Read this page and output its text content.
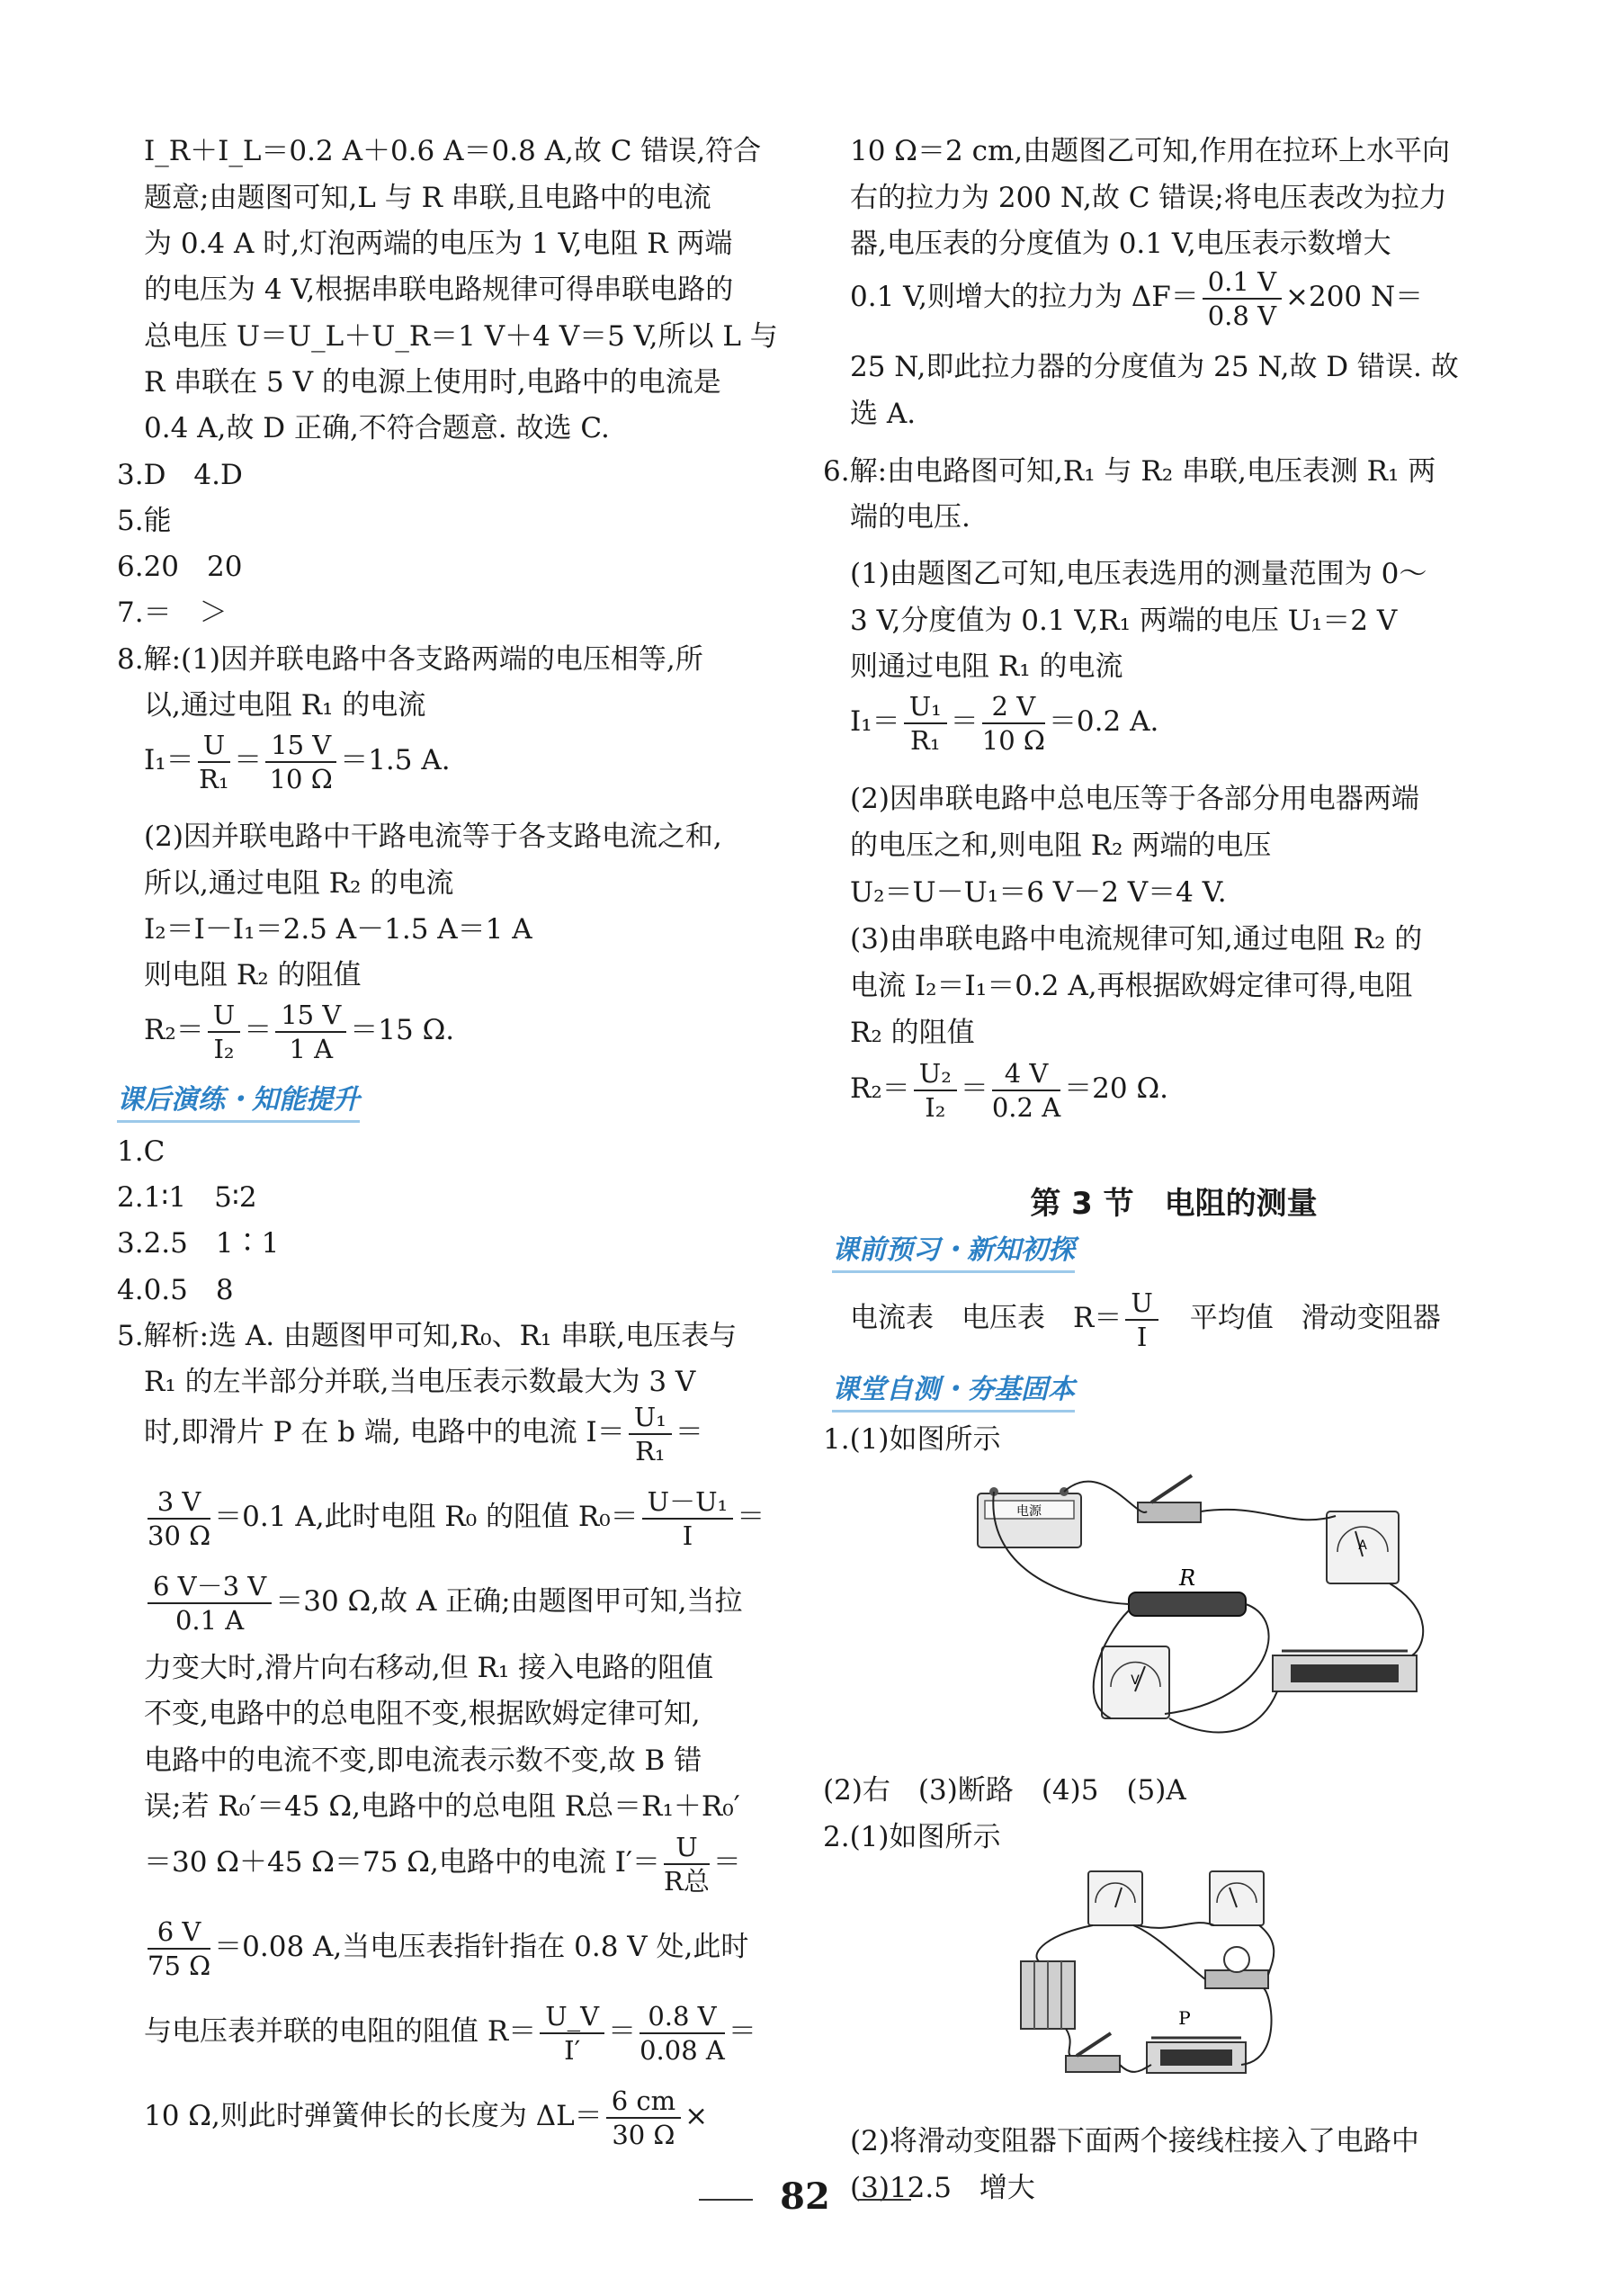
I_R＋I_L＝0.2 A＋0.6 A＝0.8 A,故 C 错误,符合
题意;由题图可知,L 与 R 串联,且电路中的电流
为 0.4 A 时,灯泡两端的电压为 1 V,电阻 R 两端
的电压为 4 V,根据串联电路规律可得串联电路的
总电压 U＝U_L＋U_R＝1 V＋4 V＝5 V,所以 L 与
R 串联在 5 V 的电源上使用时,电路中的电流是
0.4 A,故 D 正确,不符合题意. 故选 C.
3.D　4.D
5.能
6.20　20
7.＝　＞
8.解:(1)因并联电路中各支路两端的电压相等,所
以,通过电阻 R₁ 的电流
$I_1= \frac{U}{\text{R₁}} = \frac{15 V}{10 \Omega} =1.5$ A.
(2)因并联电路中干路电流等于各支路电流之和,
所以,通过电阻 R₂ 的电流
I₂＝I－I₁＝2.5 A－1.5 A＝1 A
则电阻 R₂ 的阻值
$R_2= \frac{U}{\text{I₂}} = \frac{15 V}{1 A} =15$ Ω.
课后演练・知能提升
1.C
2.1∶1　5∶2
3.2.5　1∶1
4.0.5　8
5.解析:选 A. 由题图甲可知,R₀、R₁ 串联,电压表与
R₁ 的左半部分并联,当电压表示数最大为 3 V
时,即滑片 P 在 b 端, 电路中的电流 $I= \frac{\text{U₁}}{\text{R₁}}$ ＝
$\frac{3 V}{30 \Omega} =0.1$ A,此时电阻 R₀ 的阻值 $R_0= \frac{\text{U－U₁}}{I}$ ＝
$\frac{6 V-3 V}{0.1 A} =30$ Ω,故 A 正确;由题图甲可知,当拉
力变大时,滑片向右移动,但 R₁ 接入电路的阻值
不变,电路中的总电阻不变,根据欧姆定律可知,
电路中的电流不变,即电流表示数不变,故 B 错
误;若 R₀′＝45 Ω,电路中的总电阻 R总＝R₁＋R₀′
＝30 Ω＋45 Ω＝75 Ω,电路中的电流 $I'= \frac{U}{\text{R总}}$ ＝
$\frac{6 V}{75 \Omega} =0.08$ A,当电压表指针指在 0.8 V 处,此时
与电压表并联的电阻的阻值 $R= \frac{U\_V}{I'} = \frac{0.8 V}{0.08 A}$ ＝
10 Ω,则此时弹簧伸长的长度为 $\Delta L= \frac{6 cm}{30 \Omega}$ ×
10 Ω＝2 cm,由题图乙可知,作用在拉环上水平向
右的拉力为 200 N,故 C 错误;将电压表改为拉力
器,电压表的分度值为 0.1 V,电压表示数增大
0.1 V,则增大的拉力为 $\Delta F= \frac{0.1 V}{0.8 V} \times 200$ N＝
25 N,即此拉力器的分度值为 25 N,故 D 错误. 故
选 A.
6.解:由电路图可知,R₁ 与 R₂ 串联,电压表测 R₁ 两
端的电压.
(1)由题图乙可知,电压表选用的测量范围为 0～
3 V,分度值为 0.1 V,R₁ 两端的电压 U₁＝2 V
则通过电阻 R₁ 的电流
$I_1= \frac{\text{U₁}}{\text{R₁}} = \frac{2 V}{10 \Omega} =0.2$ A.
(2)因串联电路中总电压等于各部分用电器两端
的电压之和,则电阻 R₂ 两端的电压
U₂＝U－U₁＝6 V－2 V＝4 V.
(3)由串联电路中电流规律可知,通过电阻 R₂ 的
电流 I₂＝I₁＝0.2 A,再根据欧姆定律可得,电阻
R₂ 的阻值
$R_2= \frac{\text{U₂}}{\text{I₂}} = \frac{4 V}{0.2 A} =20$ Ω.
第 3 节　电阻的测量
课前预习・新知初探
电流表　电压表　$R= \frac{U}{I}$ 　平均值　滑动变阻器
课堂自测・夯基固本
1.(1)如图所示
电源
A
R
V
(2)右　(3)断路　(4)5　(5)A
2.(1)如图所示
P
(2)将滑动变阻器下面两个接线柱接入了电路中
(3)12.5　增大
82
